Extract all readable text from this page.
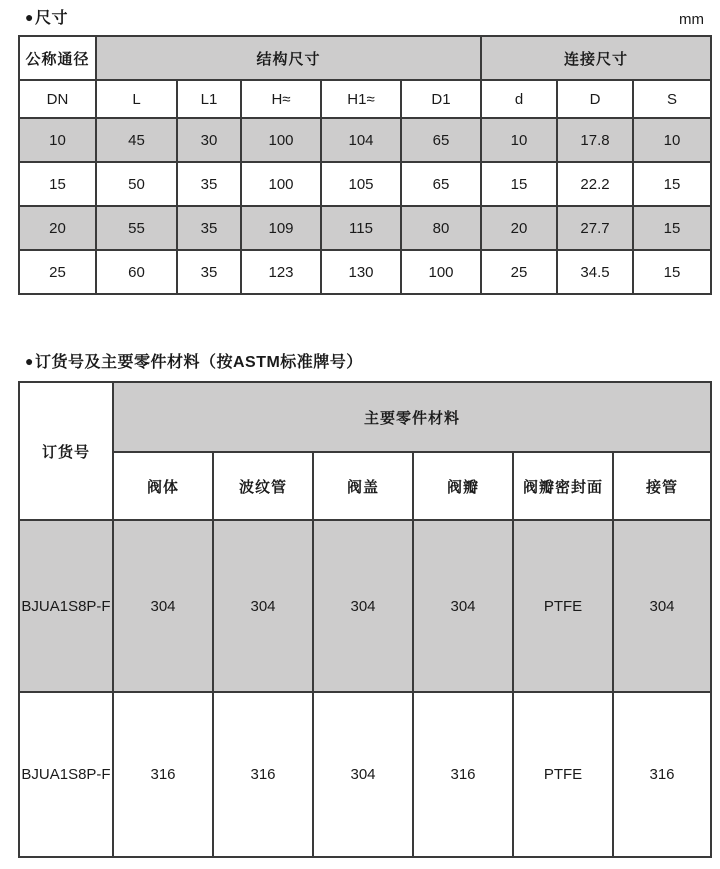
●尺寸	mm
公称通径	结构尺寸					连接尺寸		
DN	L	L1	H≈	H1≈	D1	d	D	S
10	45	30	100	104	65	10	17.8	10
15	50	35	100	105	65	15	22.2	15
20	55	35	109	115	80	20	27.7	15
25	60	35	123	130	100	25	34.5	15
●订货号及主要零件材料（按ASTM标准牌号）
订货号	主要零件材料					
	阀体	波纹管	阀盖	阀瓣	阀瓣密封面	接管
BJUA1S8P-F	304	304	304	304	PTFE	304
BJUA1S8P-F	316	316	304	316	PTFE	316
